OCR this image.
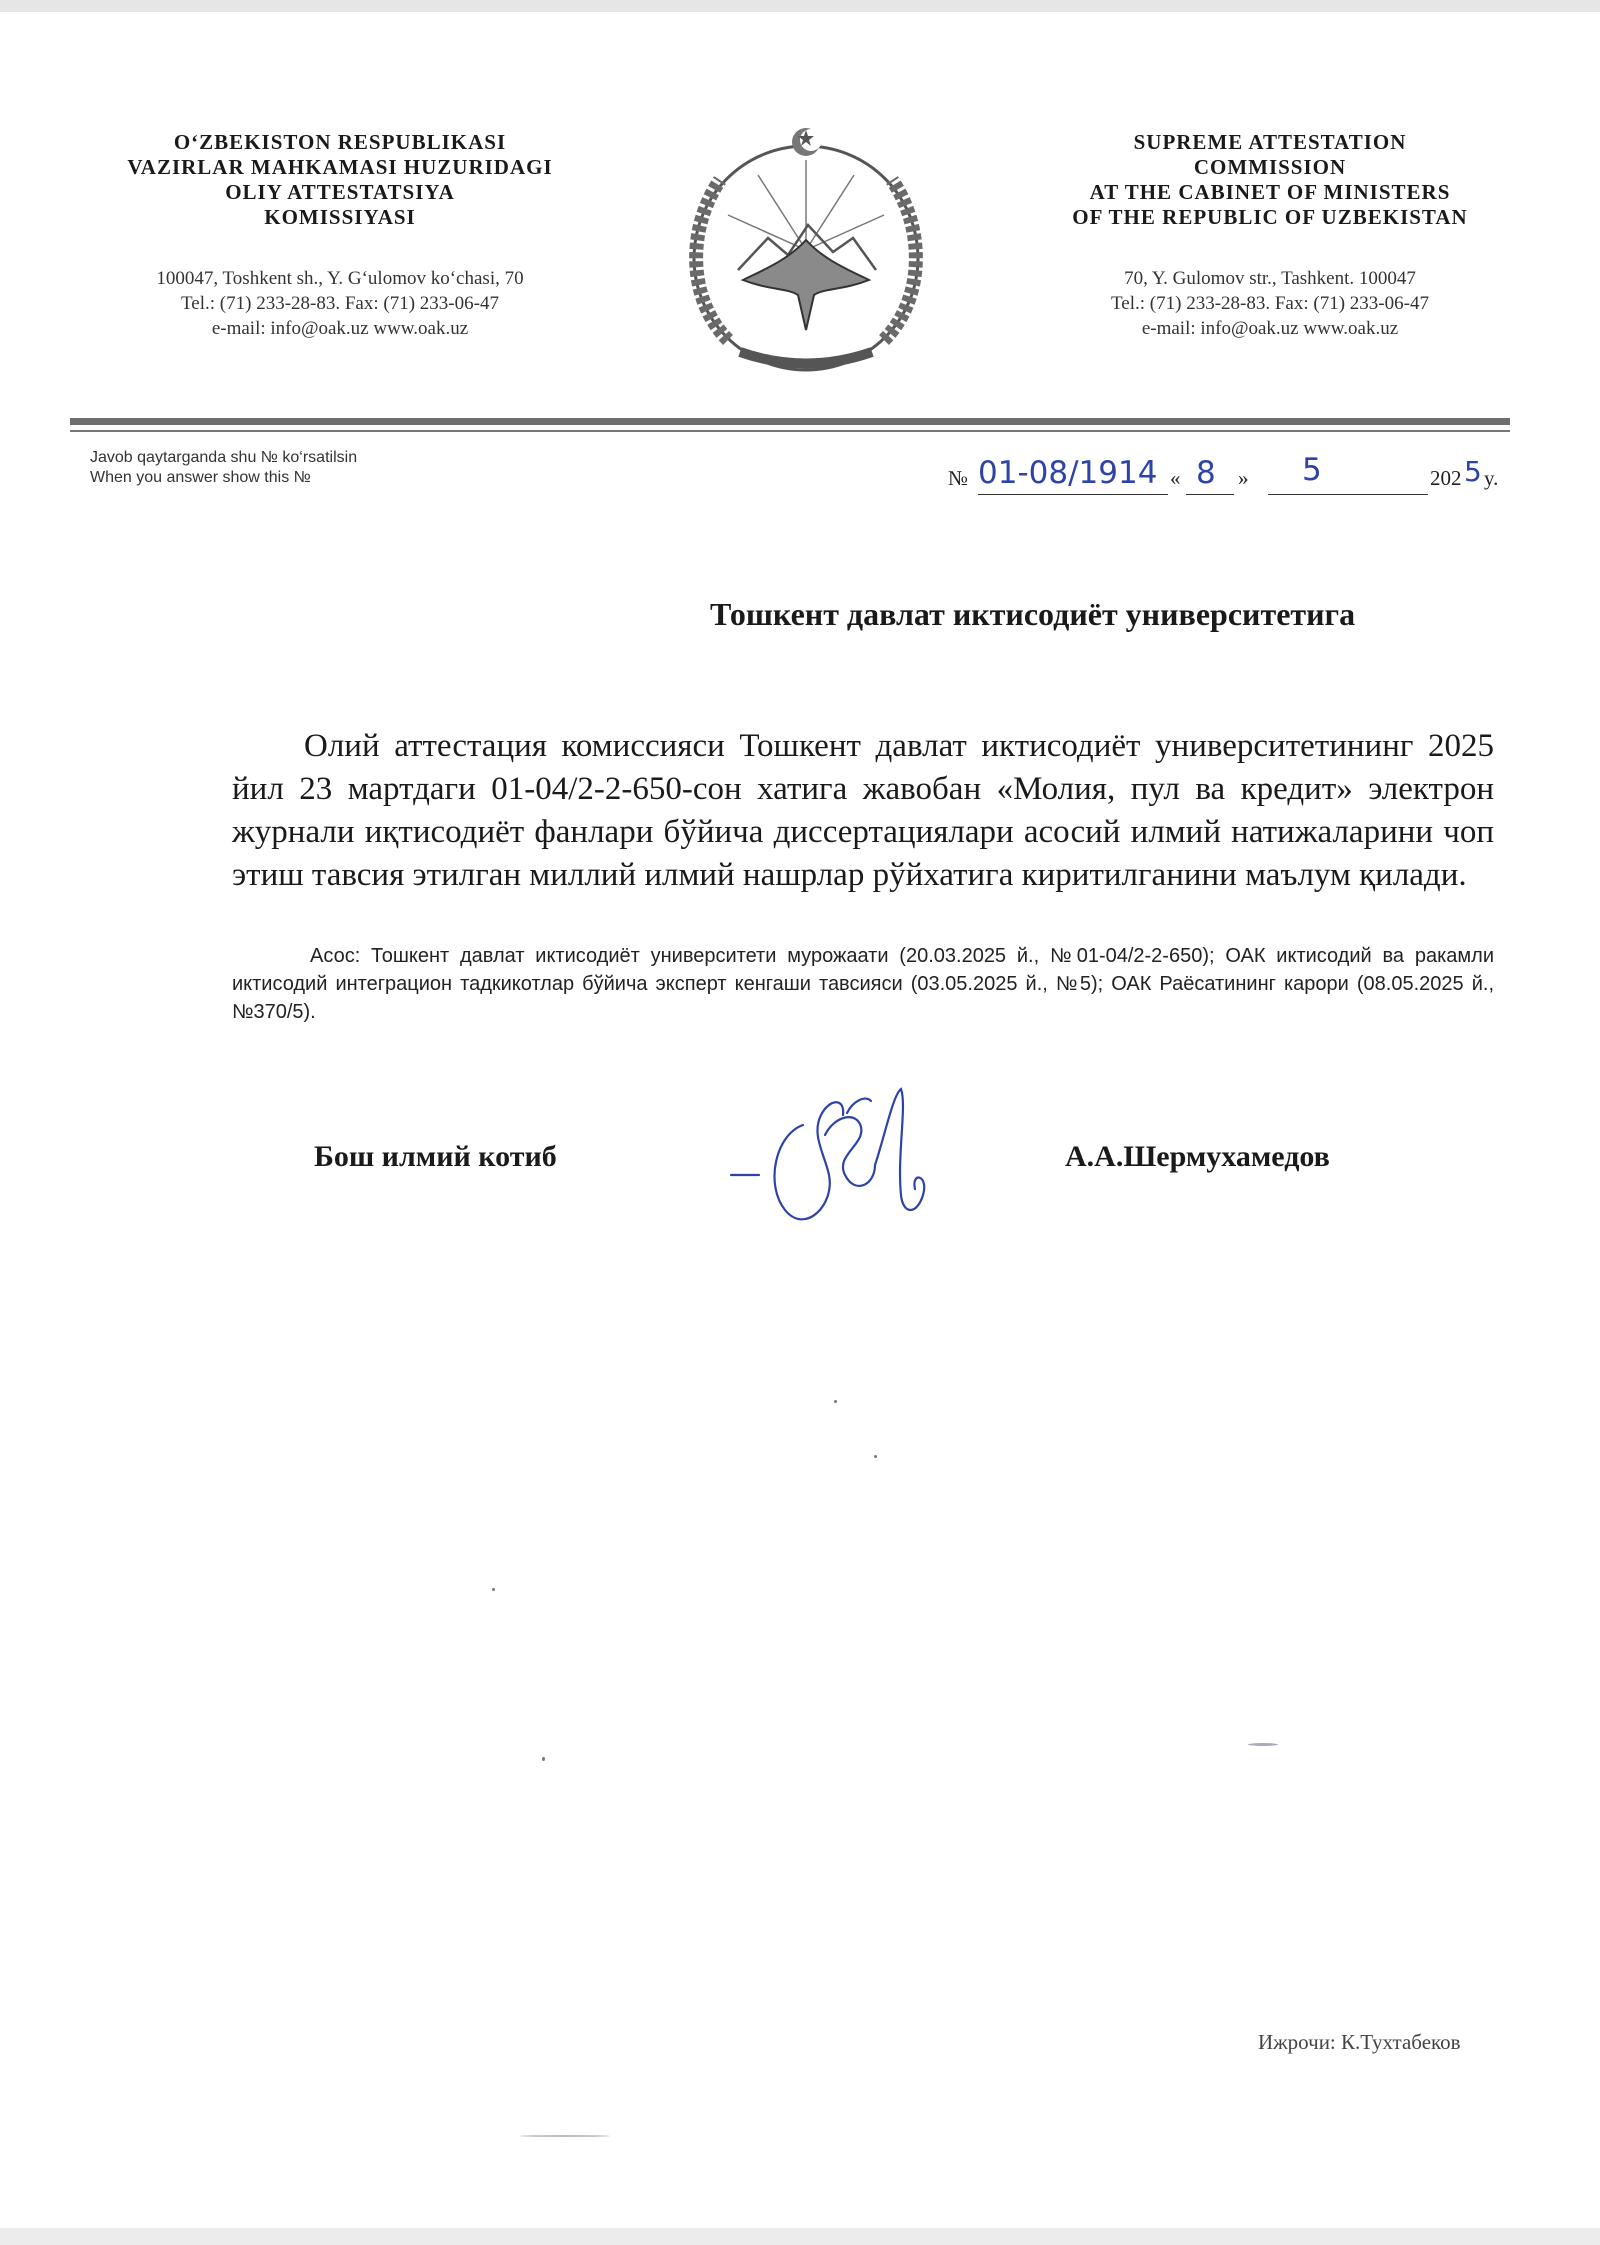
O‘ZBEKISTON RESPUBLIKASI
VAZIRLAR MAHKAMASI HUZURIDAGI
OLIY ATTESTATSIYA
KOMISSIYASI
100047, Toshkent sh., Y. G‘ulomov ko‘chasi, 70
Tel.: (71) 233-28-83. Fax: (71) 233-06-47
e-mail: info@oak.uz www.oak.uz
SUPREME ATTESTATION
COMMISSION
AT THE CABINET OF MINISTERS
OF THE REPUBLIC OF UZBEKISTAN
70, Y. Gulomov str., Tashkent. 100047
Tel.: (71) 233-28-83. Fax: (71) 233-06-47
e-mail: info@oak.uz www.oak.uz
Javob qaytarganda shu № ko‘rsatilsin
When you answer show this №	№ 01-08/1914 « 8 » 5	202 5 y.
Тошкент давлат иктисодиёт университетига

Олий аттестация комиссияси Тошкент давлат иктисодиёт университетининг 2025 йил 23 мартдаги 01-04/2-2-650-сон хатига жавобан «Молия, пул ва кредит» электрон журнали иқтисодиёт фанлари бўйича диссертациялари асосий илмий натижаларини чоп этиш тавсия этилган миллий илмий нашрлар рўйхатига киритилганини маълум қилади.

Асос: Тошкент давлат иктисодиёт университети мурожаати (20.03.2025 й., №01-04/2-2-650); ОАК иктисодий ва ракамли иктисодий интеграцион тадкикотлар бўйича эксперт кенгаши тавсияси (03.05.2025 й., №5); ОАК Раёсатининг карори (08.05.2025 й., №370/5).

Бош илмий котиб	А.А.Шермухамедов
Ижрочи: К.Тухтабеков
